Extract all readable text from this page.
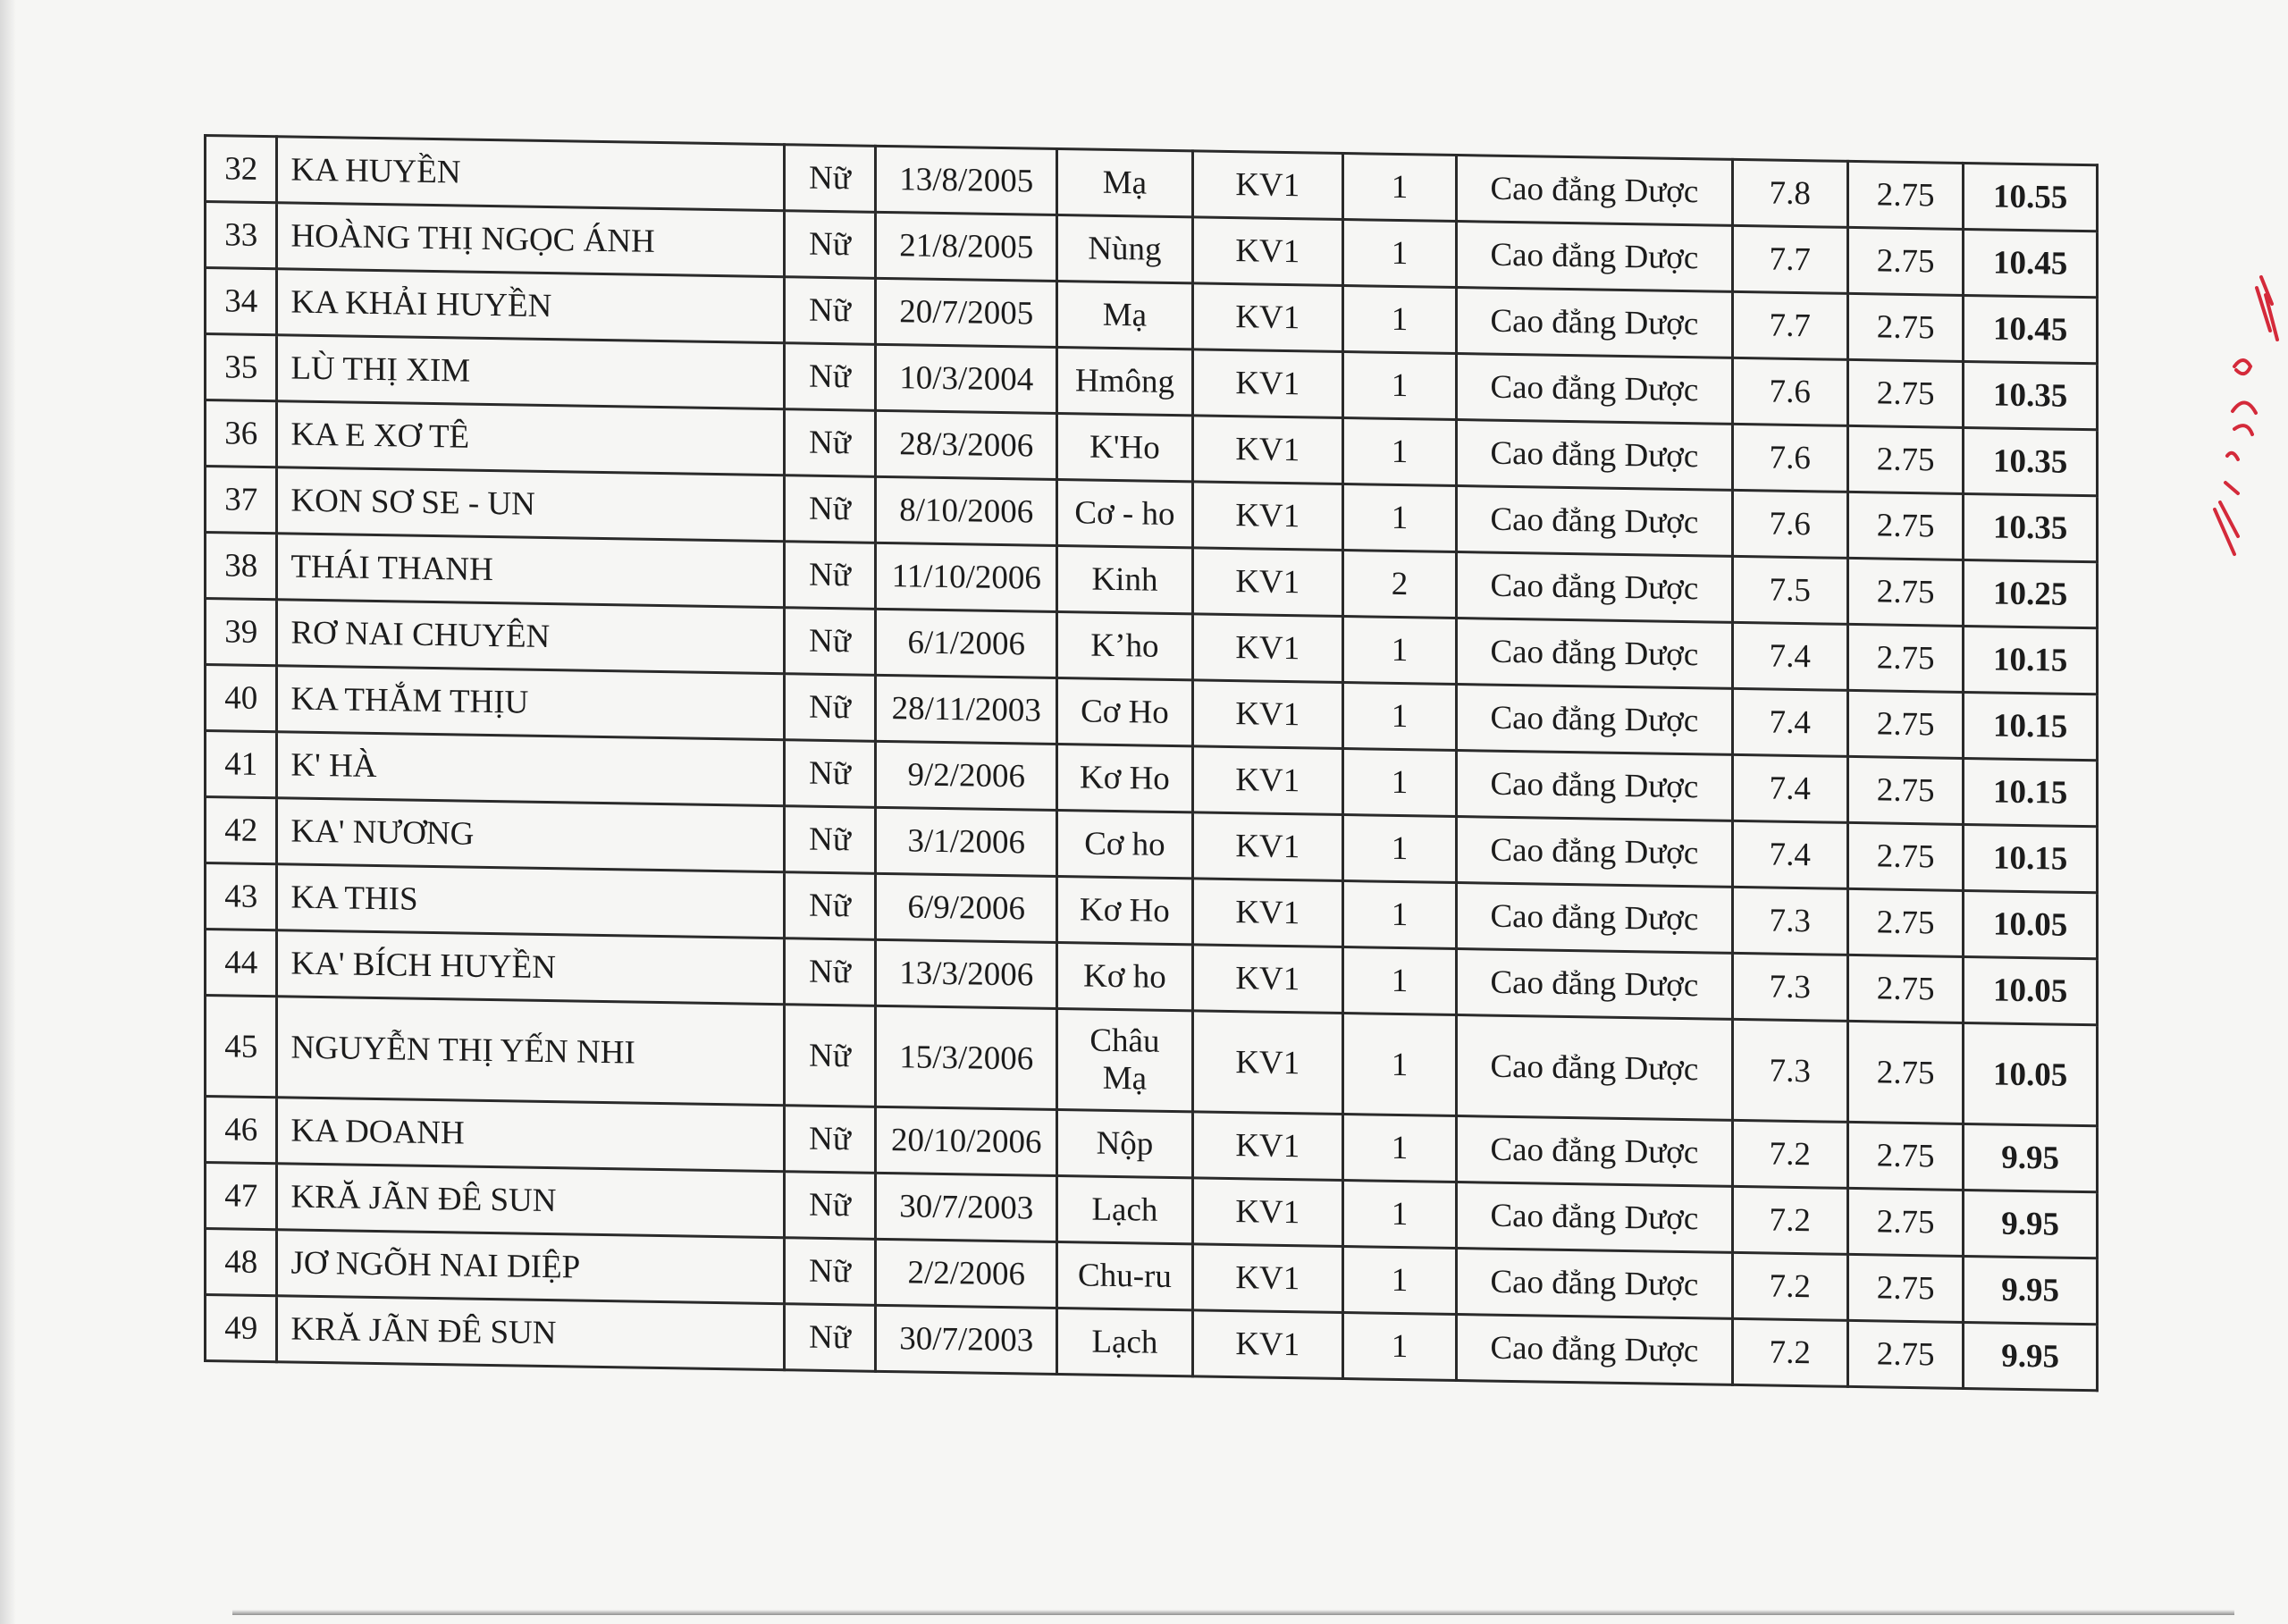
32	KA HUYỀN	Nữ	13/8/2005	Mạ	KV1	1	Cao đẳng Dược	7.8	2.75	10.55
33	HOÀNG THỊ NGỌC ÁNH	Nữ	21/8/2005	Nùng	KV1	1	Cao đẳng Dược	7.7	2.75	10.45
34	KA KHẢI HUYỀN	Nữ	20/7/2005	Mạ	KV1	1	Cao đẳng Dược	7.7	2.75	10.45
35	LÙ THỊ XIM	Nữ	10/3/2004	Hmông	KV1	1	Cao đẳng Dược	7.6	2.75	10.35
36	KA E XƠ TÊ	Nữ	28/3/2006	K'Ho	KV1	1	Cao đẳng Dược	7.6	2.75	10.35
37	KON SƠ SE - UN	Nữ	8/10/2006	Cơ - ho	KV1	1	Cao đẳng Dược	7.6	2.75	10.35
38	THÁI THANH	Nữ	11/10/2006	Kinh	KV1	2	Cao đẳng Dược	7.5	2.75	10.25
39	RƠ NAI CHUYÊN	Nữ	6/1/2006	K’ho	KV1	1	Cao đẳng Dược	7.4	2.75	10.15
40	KA THẮM THỊU	Nữ	28/11/2003	Cơ Ho	KV1	1	Cao đẳng Dược	7.4	2.75	10.15
41	K' HÀ	Nữ	9/2/2006	Kơ Ho	KV1	1	Cao đẳng Dược	7.4	2.75	10.15
42	KA' NƯƠNG	Nữ	3/1/2006	Cơ ho	KV1	1	Cao đẳng Dược	7.4	2.75	10.15
43	KA THIS	Nữ	6/9/2006	Kơ Ho	KV1	1	Cao đẳng Dược	7.3	2.75	10.05
44	KA' BÍCH HUYỀN	Nữ	13/3/2006	Kơ ho	KV1	1	Cao đẳng Dược	7.3	2.75	10.05
45	NGUYỄN THỊ YẾN NHI	Nữ	15/3/2006	Châu Mạ	KV1	1	Cao đẳng Dược	7.3	2.75	10.05
46	KA DOANH	Nữ	20/10/2006	Nộp	KV1	1	Cao đẳng Dược	7.2	2.75	9.95
47	KRĂ JÃN ĐÊ SUN	Nữ	30/7/2003	Lạch	KV1	1	Cao đẳng Dược	7.2	2.75	9.95
48	JƠ NGÕH NAI DIỆP	Nữ	2/2/2006	Chu-ru	KV1	1	Cao đẳng Dược	7.2	2.75	9.95
49	KRĂ JÃN ĐÊ SUN	Nữ	30/7/2003	Lạch	KV1	1	Cao đẳng Dược	7.2	2.75	9.95
